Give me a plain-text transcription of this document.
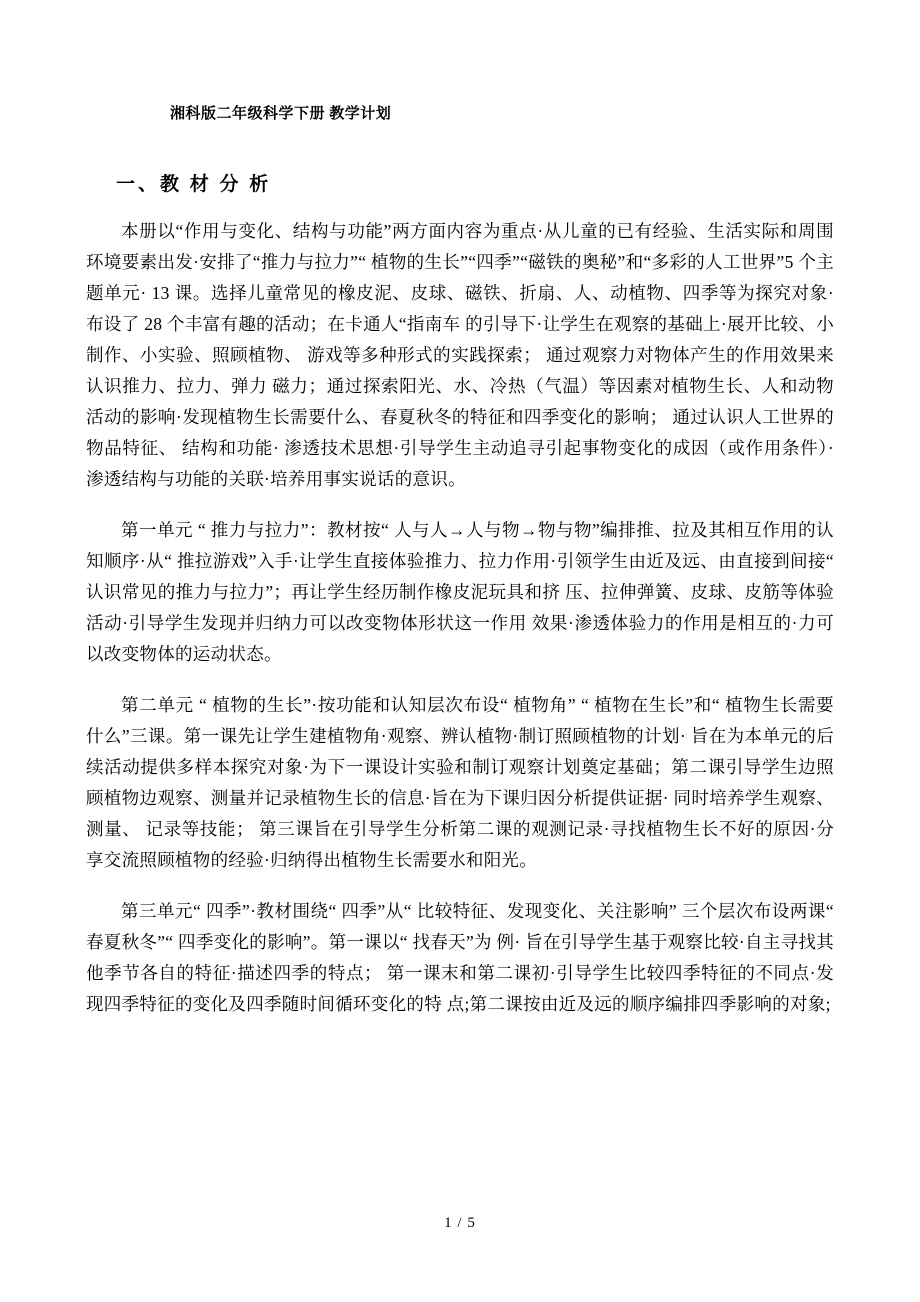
湘科版二年级科学下册 教学计划
一、教 材 分 析

本册以“作用与变化、结构与功能”两方面内容为重点·从儿童的已有经验、生活实际和周围环境要素出发·安排了“推力与拉力”“ 植物的生长”“四季”“磁铁的奥秘”和“多彩的人工世界”5 个主题单元· 13 课。选择儿童常见的橡皮泥、皮球、磁铁、折扇、人、动植物、四季等为探究对象·布设了 28 个丰富有趣的活动；在卡通人“指南车 的引导下·让学生在观察的基础上·展开比较、小制作、小实验、照顾植物、 游戏等多种形式的实践探索； 通过观察力对物体产生的作用效果来认识推力、拉力、弹力 磁力；通过探索阳光、水、冷热（气温）等因素对植物生长、人和动物活动的影响·发现植物生长需要什么、春夏秋冬的特征和四季变化的影响； 通过认识人工世界的物品特征、 结构和功能· 渗透技术思想·引导学生主动追寻引起事物变化的成因（或作用条件）·渗透结构与功能的关联·培养用事实说话的意识。

第一单元 “ 推力与拉力”：教材按“ 人与人→人与物→物与物”编排推、拉及其相互作用的认知顺序·从“ 推拉游戏”入手·让学生直接体验推力、拉力作用·引领学生由近及远、由直接到间接“ 认识常见的推力与拉力”；再让学生经历制作橡皮泥玩具和挤 压、拉伸弹簧、皮球、皮筋等体验活动·引导学生发现并归纳力可以改变物体形状这一作用 效果·渗透体验力的作用是相互的·力可以改变物体的运动状态。

第二单元 “ 植物的生长”·按功能和认知层次布设“ 植物角” “ 植物在生长”和“ 植物生长需要什么”三课。第一课先让学生建植物角·观察、辨认植物·制订照顾植物的计划· 旨在为本单元的后续活动提供多样本探究对象·为下一课设计实验和制订观察计划奠定基础；第二课引导学生边照顾植物边观察、测量并记录植物生长的信息·旨在为下课归因分析提供证据· 同时培养学生观察、 测量、 记录等技能； 第三课旨在引导学生分析第二课的观测记录·寻找植物生长不好的原因·分享交流照顾植物的经验·归纳得出植物生长需要水和阳光。

第三单元“ 四季”·教材围绕“ 四季”从“ 比较特征、发现变化、关注影响” 三个层次布设两课“ 春夏秋冬”“ 四季变化的影响”。第一课以“ 找春天”为 例· 旨在引导学生基于观察比较·自主寻找其他季节各自的特征·描述四季的特点； 第一课末和第二课初·引导学生比较四季特征的不同点·发现四季特征的变化及四季随时间循环变化的特 点;第二课按由近及远的顺序编排四季影响的对象;

1 / 5
